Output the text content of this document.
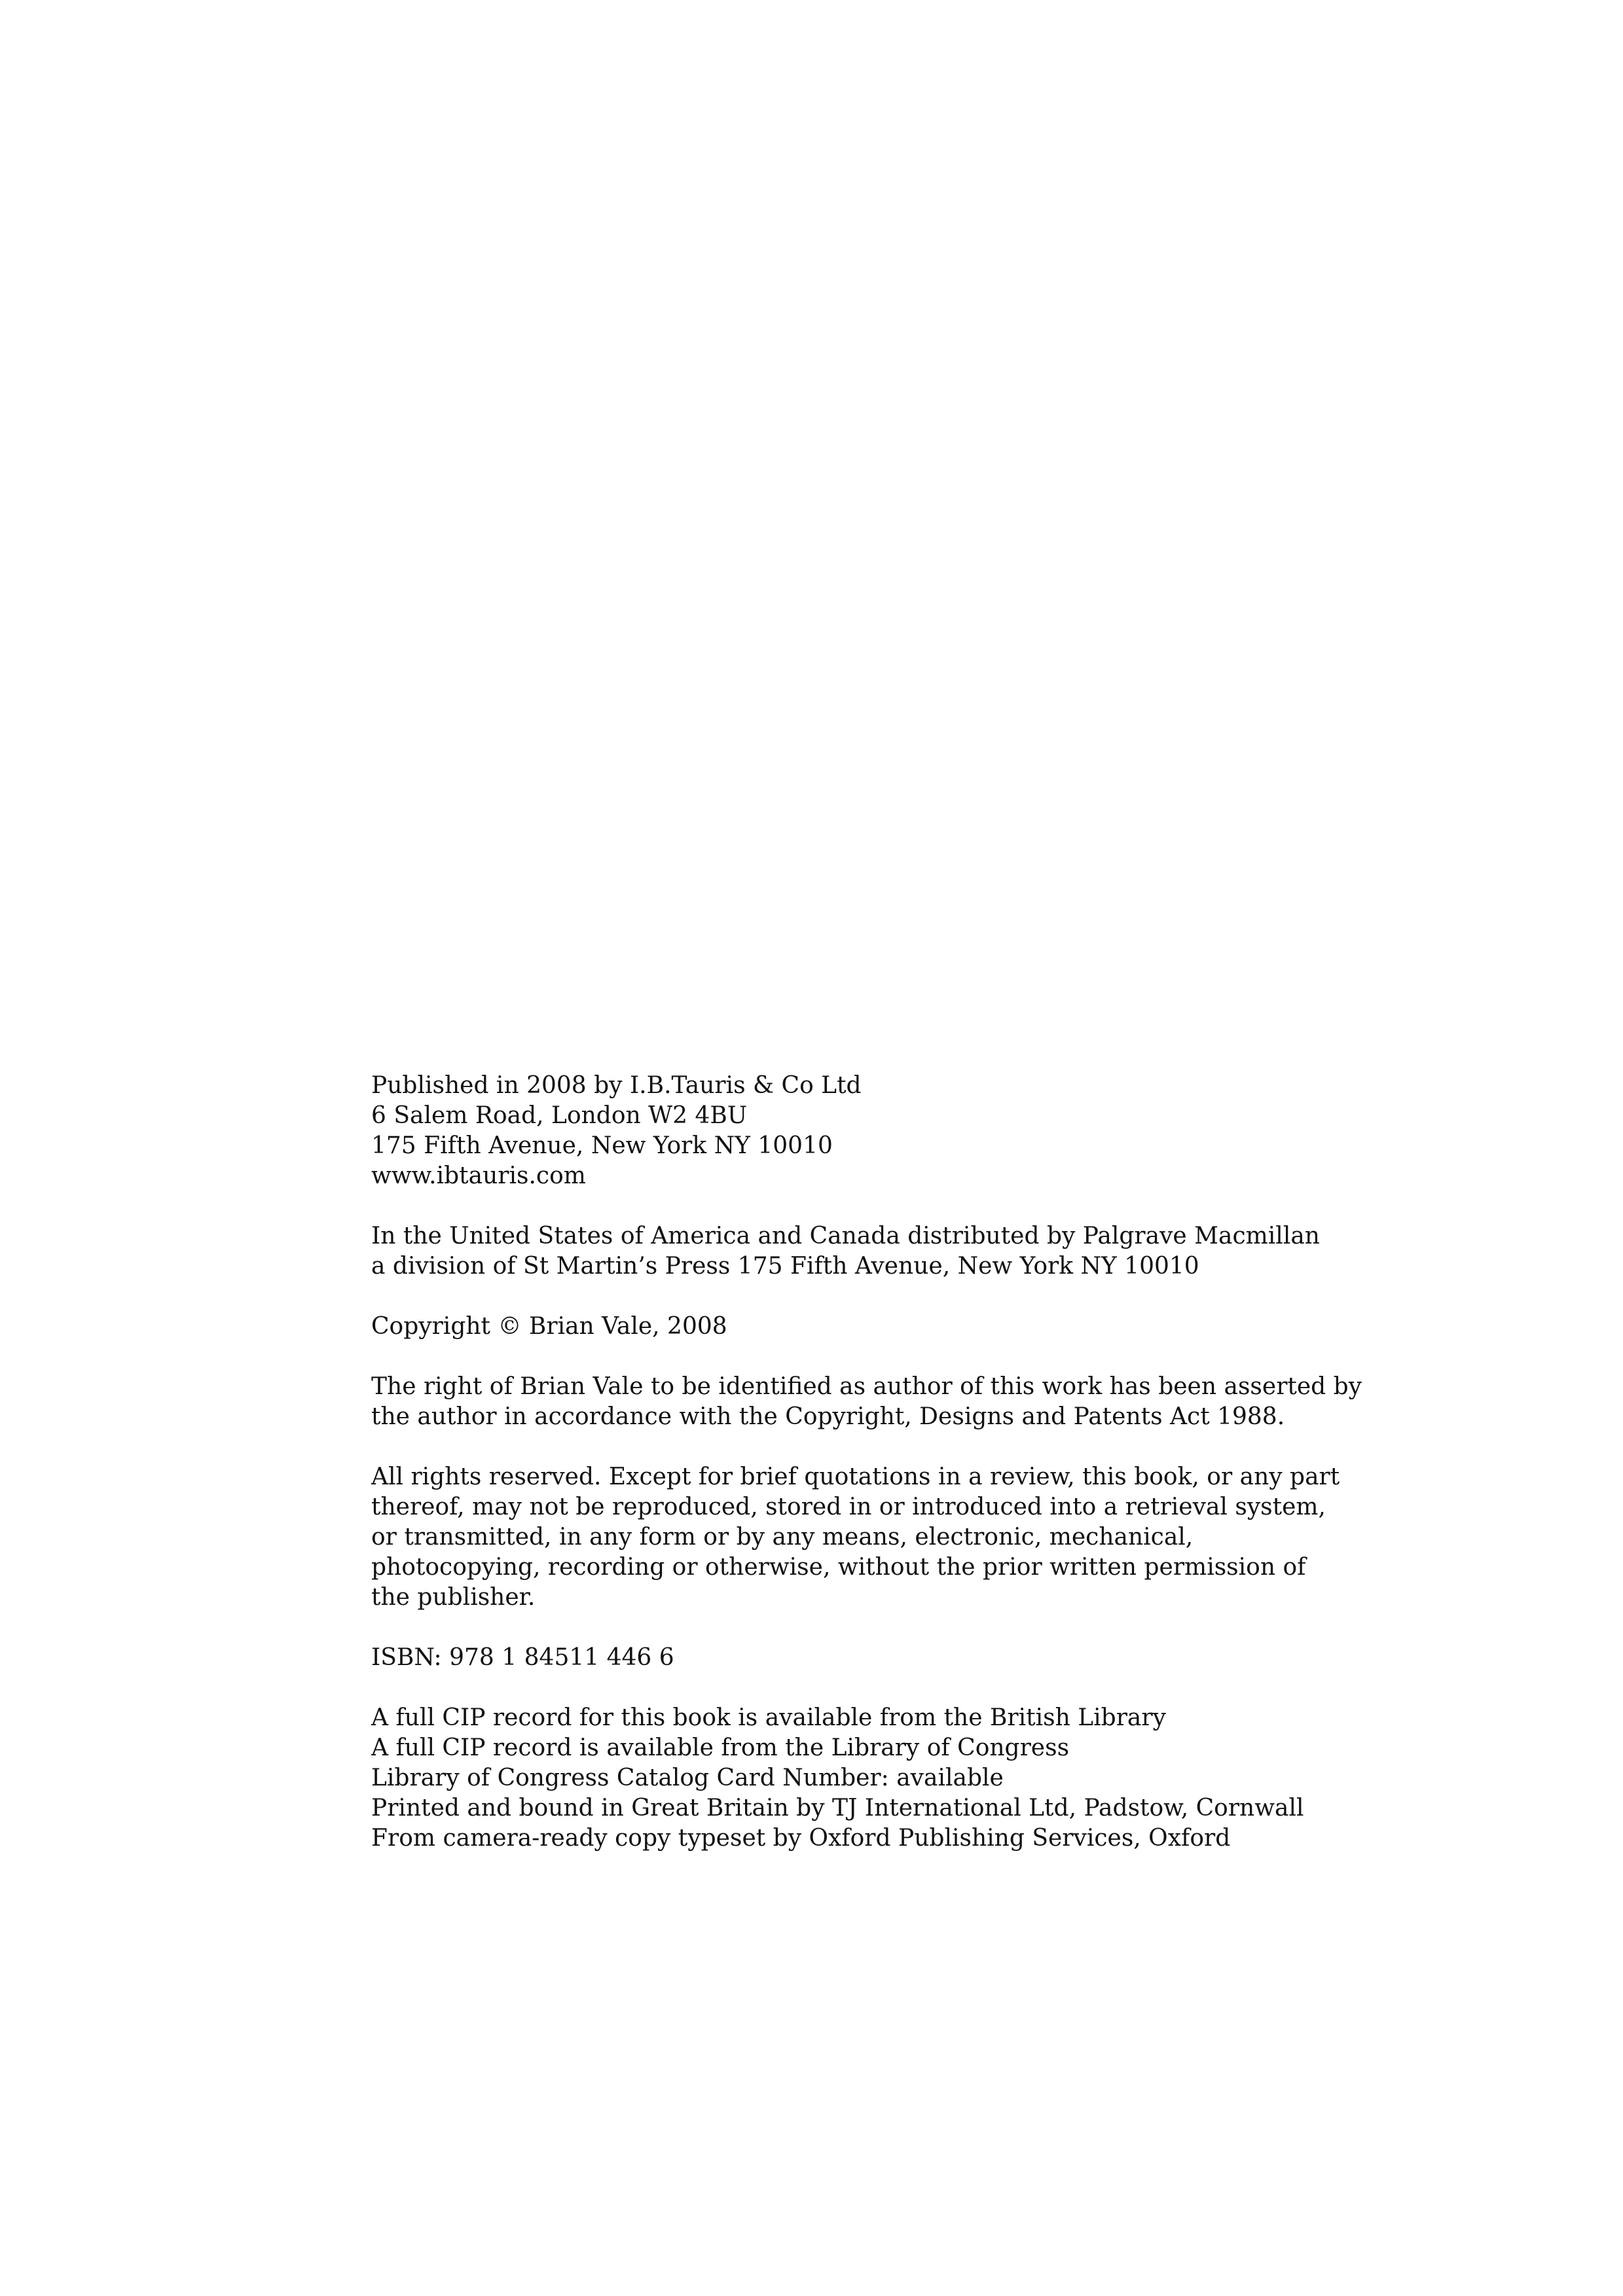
Published in 2008 by I.B.Tauris & Co Ltd
6 Salem Road, London W2 4BU
175 Fifth Avenue, New York NY 10010
www.ibtauris.com
In the United States of America and Canada distributed by Palgrave Macmillan
a division of St Martin’s Press 175 Fifth Avenue, New York NY 10010
Copyright © Brian Vale, 2008
The right of Brian Vale to be identified as author of this work has been asserted by
the author in accordance with the Copyright, Designs and Patents Act 1988.
All rights reserved. Except for brief quotations in a review, this book, or any part
thereof, may not be reproduced, stored in or introduced into a retrieval system,
or transmitted, in any form or by any means, electronic, mechanical,
photocopying, recording or otherwise, without the prior written permission of
the publisher.
ISBN: 978 1 84511 446 6
A full CIP record for this book is available from the British Library
A full CIP record is available from the Library of Congress
Library of Congress Catalog Card Number: available
Printed and bound in Great Britain by TJ International Ltd, Padstow, Cornwall
From camera-ready copy typeset by Oxford Publishing Services, Oxford
